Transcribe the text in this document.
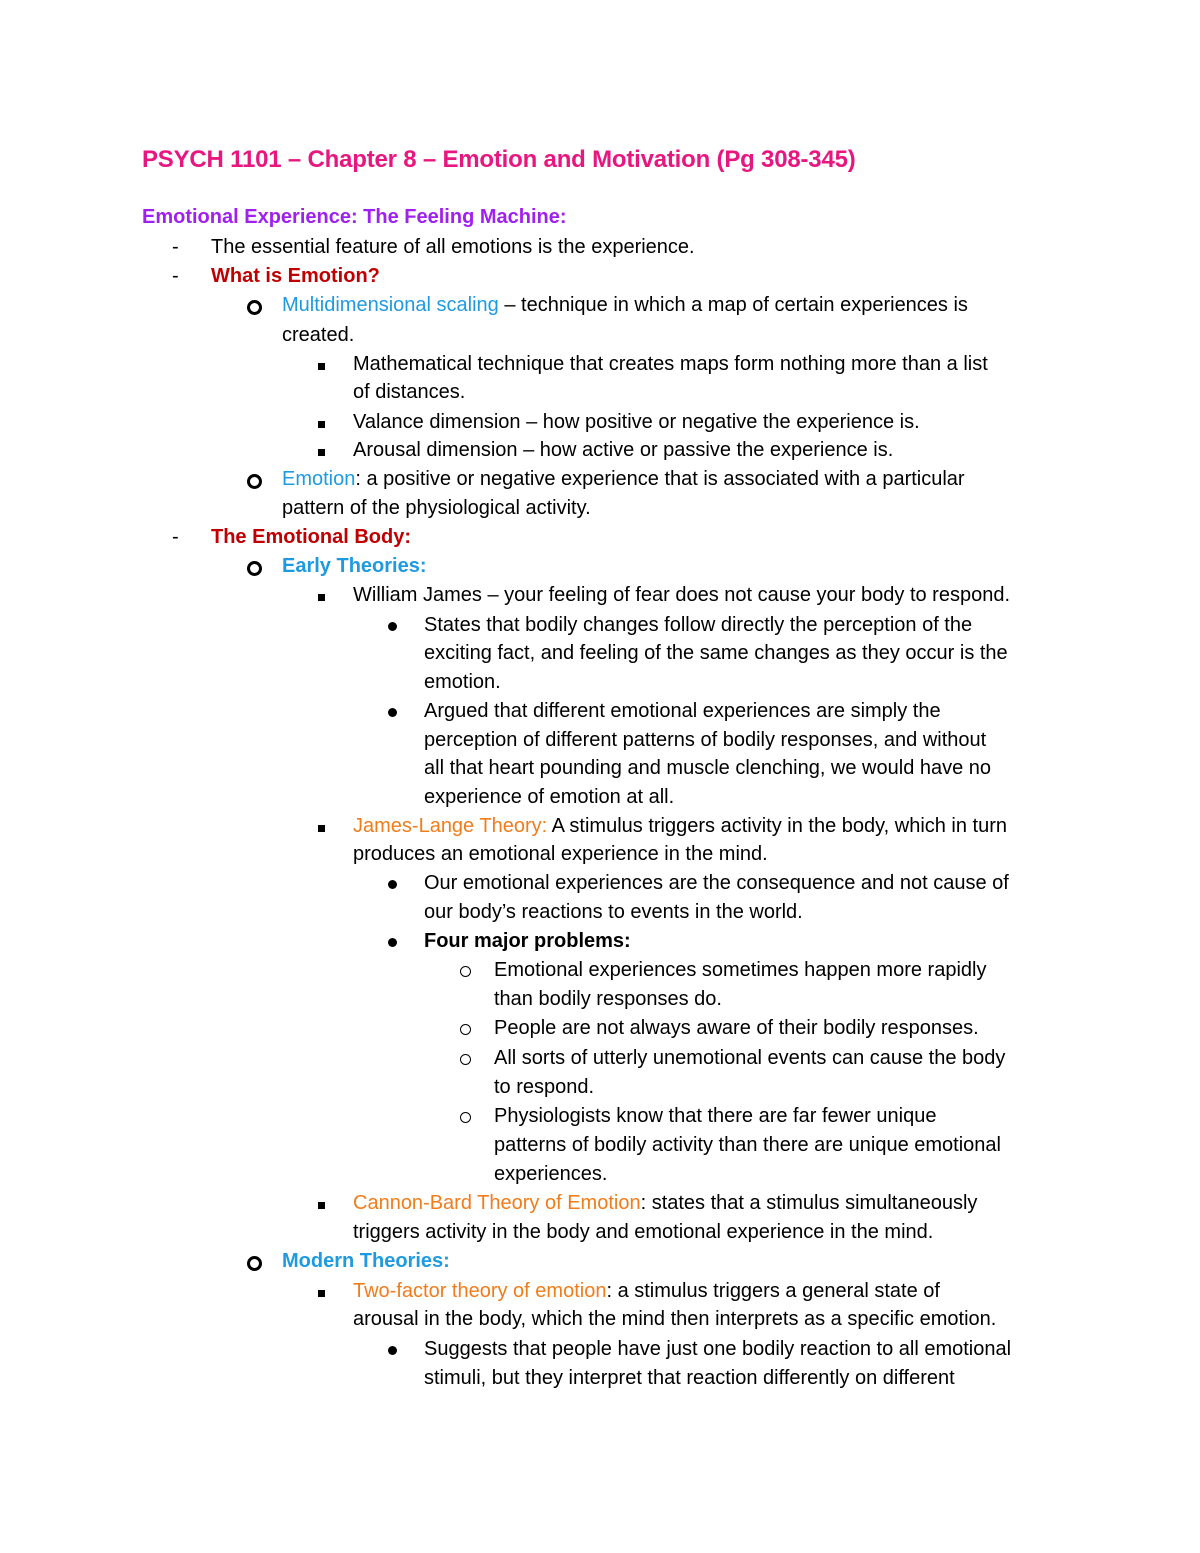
PSYCH 1101 – Chapter 8 – Emotion and Motivation (Pg 308-345)
Emotional Experience: The Feeling Machine:
- The essential feature of all emotions is the experience.
- What is Emotion?
Multidimensional scaling – technique in which a map of certain experiences is
created.
Mathematical technique that creates maps form nothing more than a list
of distances.
Valance dimension – how positive or negative the experience is.
Arousal dimension – how active or passive the experience is.
Emotion: a positive or negative experience that is associated with a particular
pattern of the physiological activity.
- The Emotional Body:
Early Theories:
William James – your feeling of fear does not cause your body to respond.
States that bodily changes follow directly the perception of the
exciting fact, and feeling of the same changes as they occur is the
emotion.
Argued that different emotional experiences are simply the
perception of different patterns of bodily responses, and without
all that heart pounding and muscle clenching, we would have no
experience of emotion at all.
James-Lange Theory: A stimulus triggers activity in the body, which in turn
produces an emotional experience in the mind.
Our emotional experiences are the consequence and not cause of
our body’s reactions to events in the world.
Four major problems:
Emotional experiences sometimes happen more rapidly
than bodily responses do.
People are not always aware of their bodily responses.
All sorts of utterly unemotional events can cause the body
to respond.
Physiologists know that there are far fewer unique
patterns of bodily activity than there are unique emotional
experiences.
Cannon-Bard Theory of Emotion: states that a stimulus simultaneously
triggers activity in the body and emotional experience in the mind.
Modern Theories:
Two-factor theory of emotion: a stimulus triggers a general state of
arousal in the body, which the mind then interprets as a specific emotion.
Suggests that people have just one bodily reaction to all emotional
stimuli, but they interpret that reaction differently on different
